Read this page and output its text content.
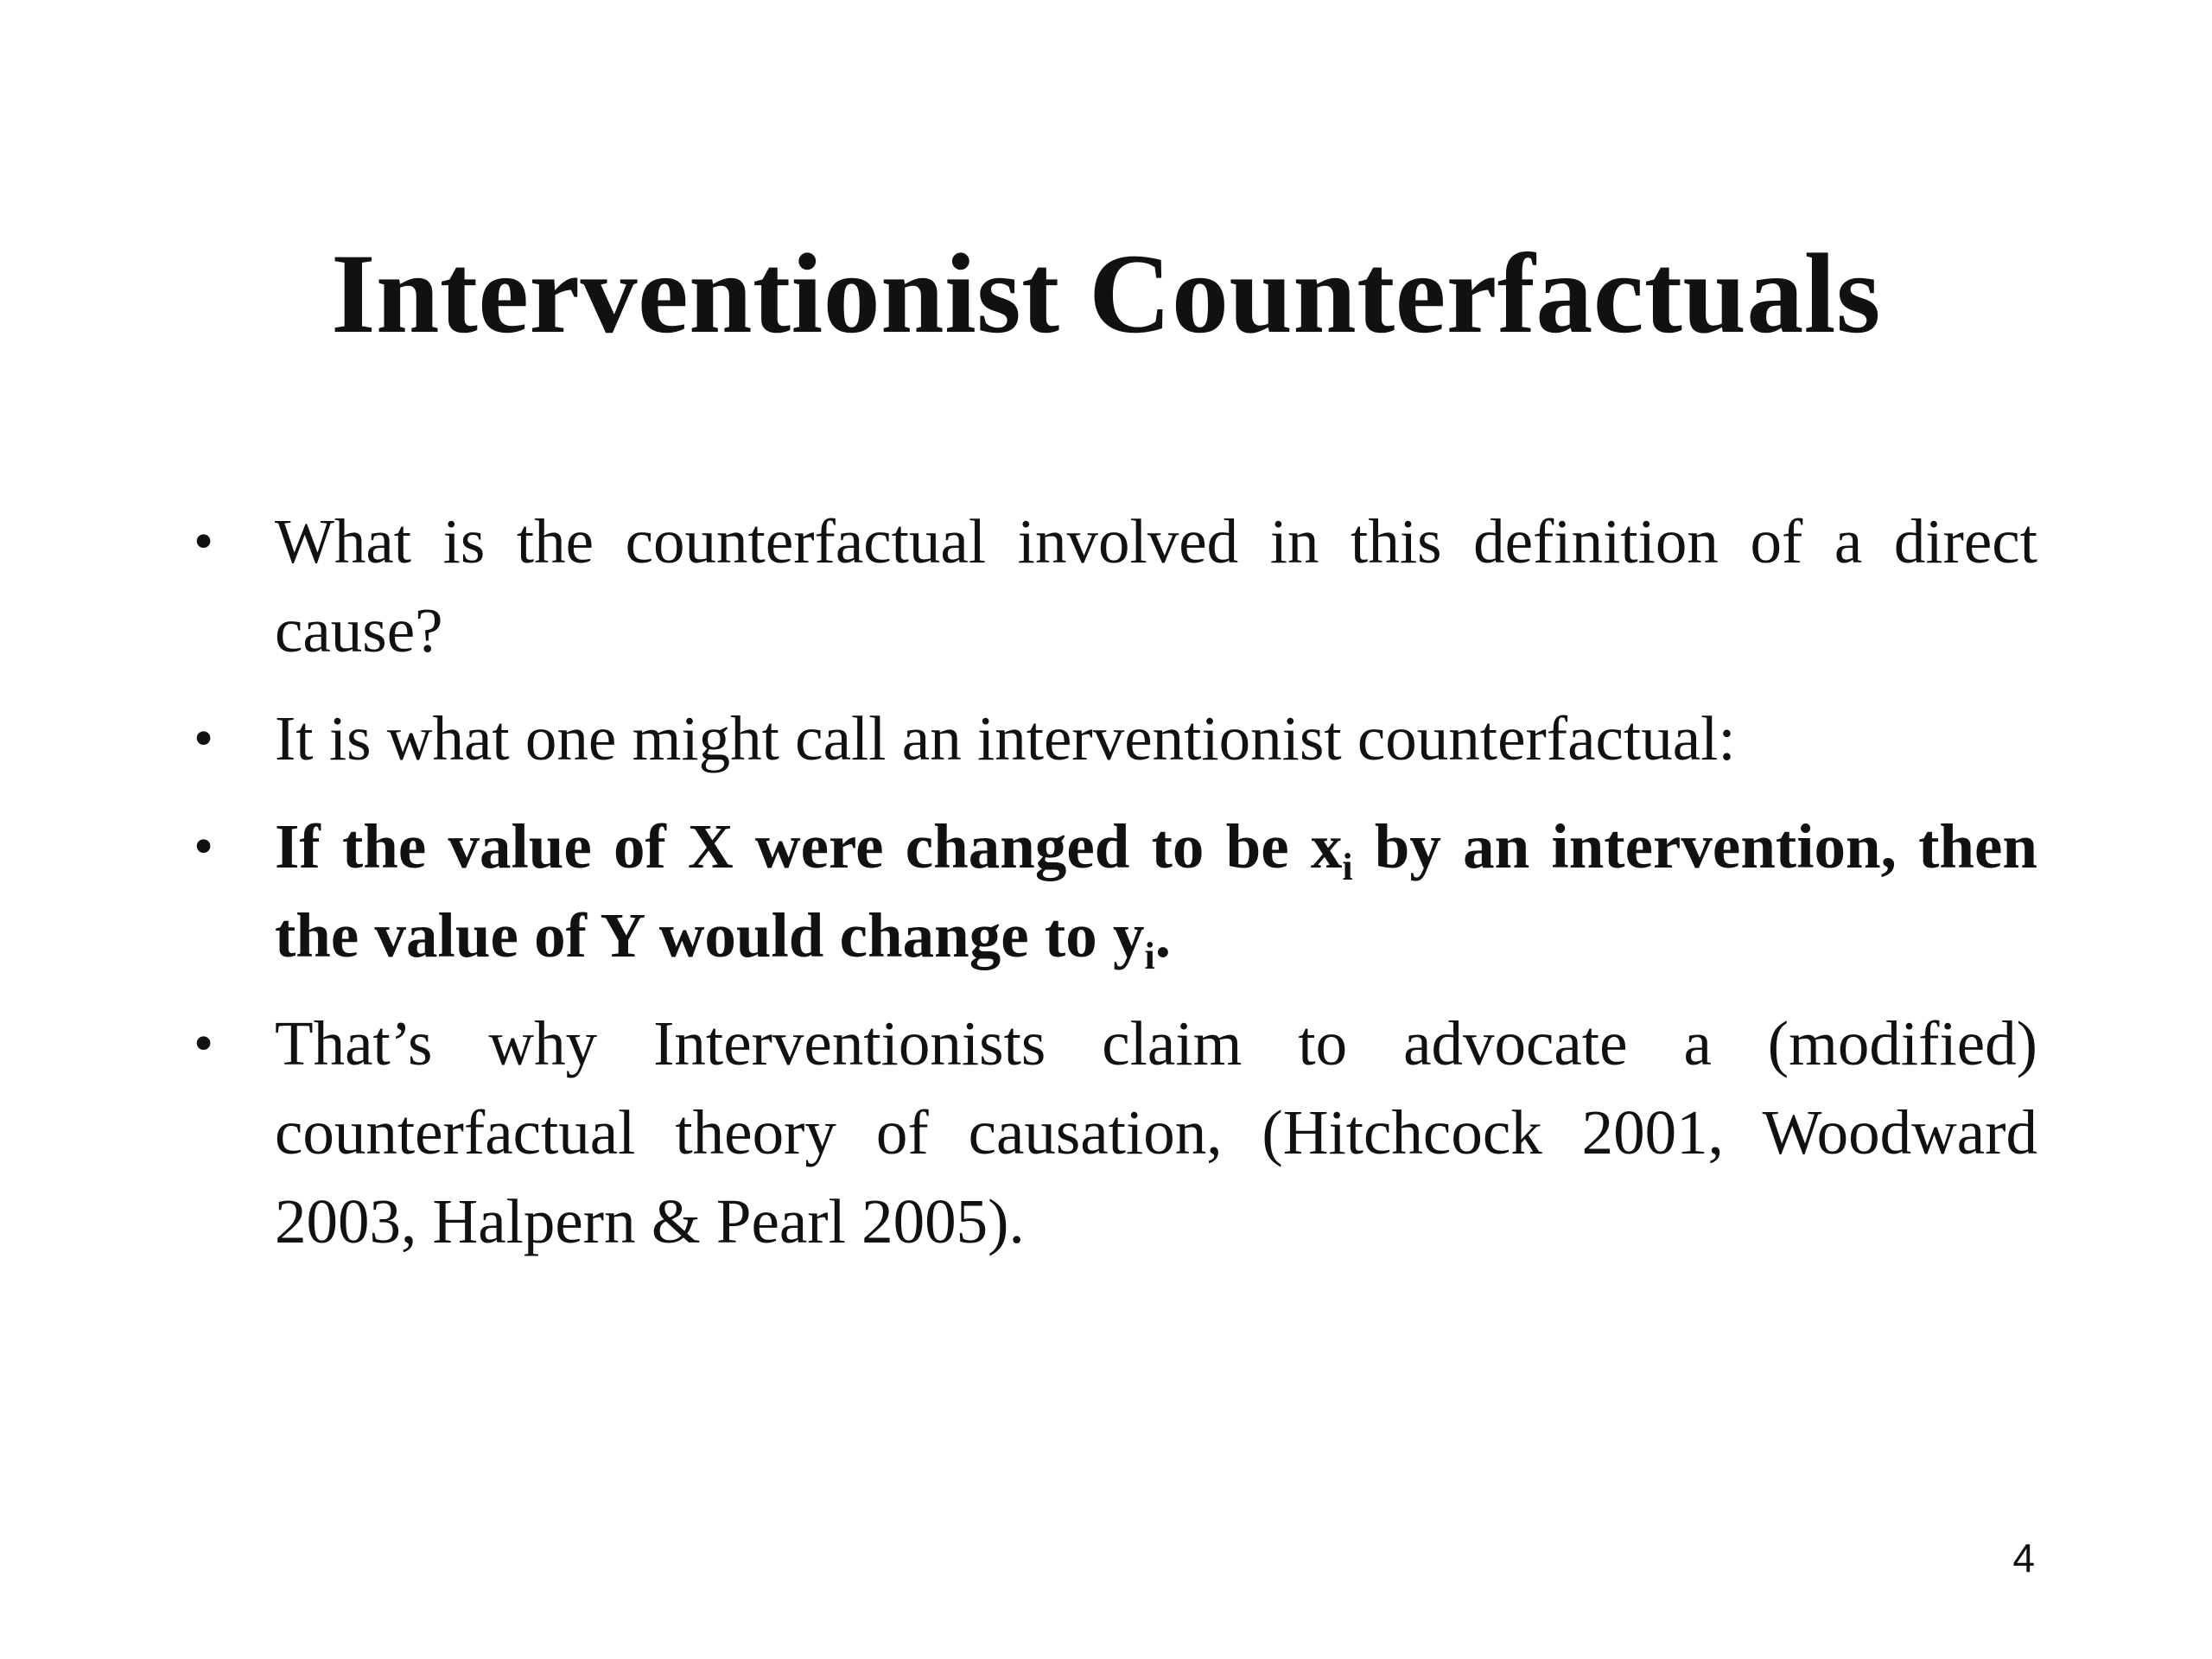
Interventionist Counterfactuals
• What is the counterfactual involved in this definition of a direct cause?
• It is what one might call an interventionist counterfactual:
• If the value of X were changed to be $x_i$ by an intervention, then the value of Y would change to $y_i$.
• That’s why Interventionists claim to advocate a (modified) counterfactual theory of causation, (Hitchcock 2001, Woodward 2003, Halpern & Pearl 2005).
4
